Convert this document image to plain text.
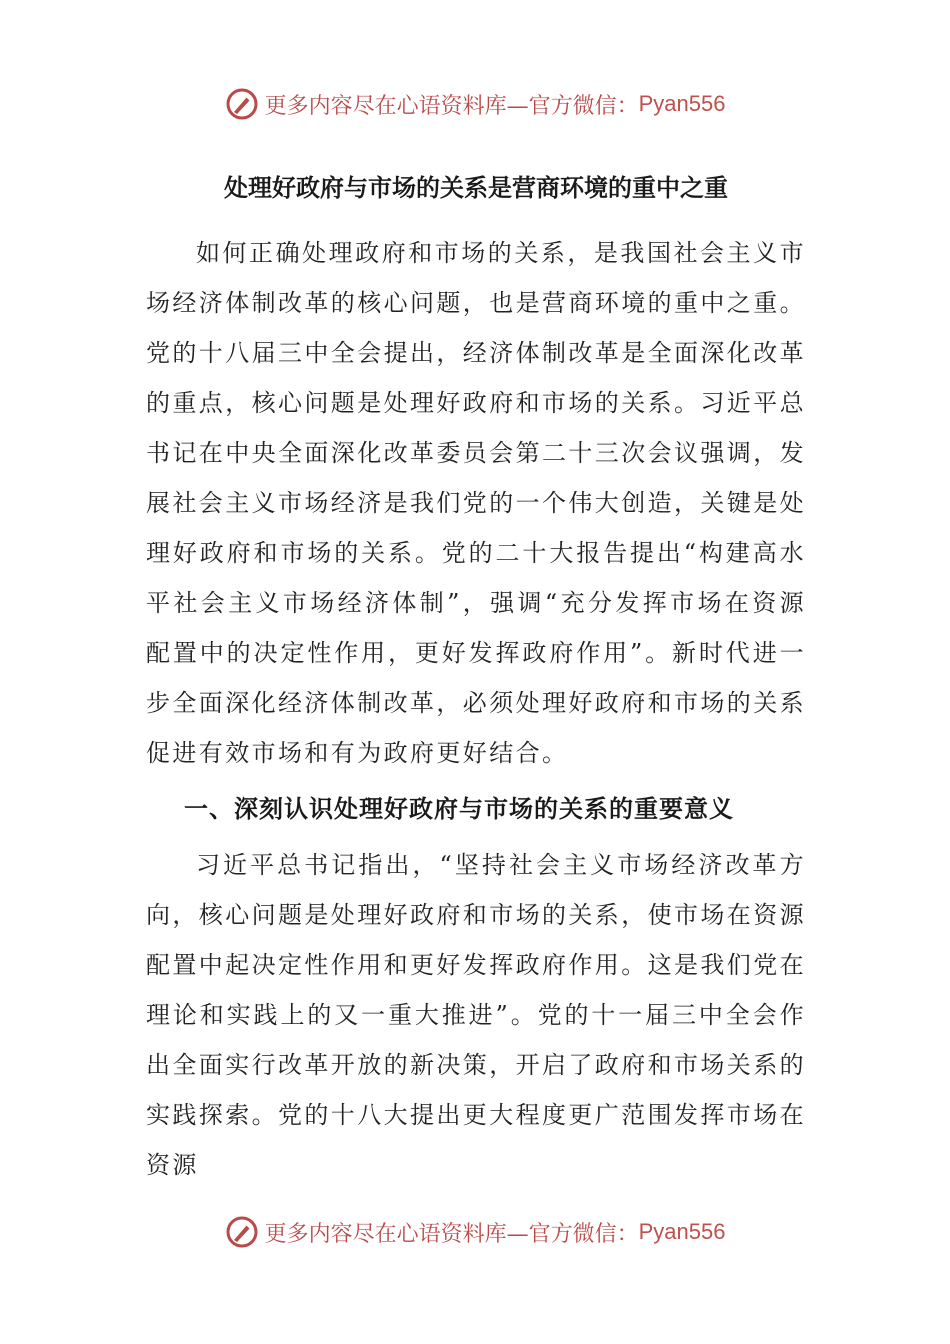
更多内容尽在心语资料库—官方微信： Pyan556
处理好政府与市场的关系是营商环境的重中之重

如何正确处理政府和市场的关系，是我国社会主义市场经济体制改革的核心问题，也是营商环境的重中之重。党的十八届三中全会提出，经济体制改革是全面深化改革的重点，核心问题是处理好政府和市场的关系。习近平总书记在中央全面深化改革委员会第二十三次会议强调，发展社会主义市场经济是我们党的一个伟大创造，关键是处理好政府和市场的关系。党的二十大报告提出“构建高水平社会主义市场经济体制”，强调“充分发挥市场在资源配置中的决定性作用，更好发挥政府作用”。新时代进一步全面深化经济体制改革，必须处理好政府和市场的关系促进有效市场和有为政府更好结合。

一、深刻认识处理好政府与市场的关系的重要意义

习近平总书记指出，“坚持社会主义市场经济改革方向，核心问题是处理好政府和市场的关系，使市场在资源配置中起决定性作用和更好发挥政府作用。这是我们党在理论和实践上的又一重大推进”。党的十一届三中全会作出全面实行改革开放的新决策，开启了政府和市场关系的实践探索。党的十八大提出更大程度更广范围发挥市场在资源

更多内容尽在心语资料库—官方微信： Pyan556
